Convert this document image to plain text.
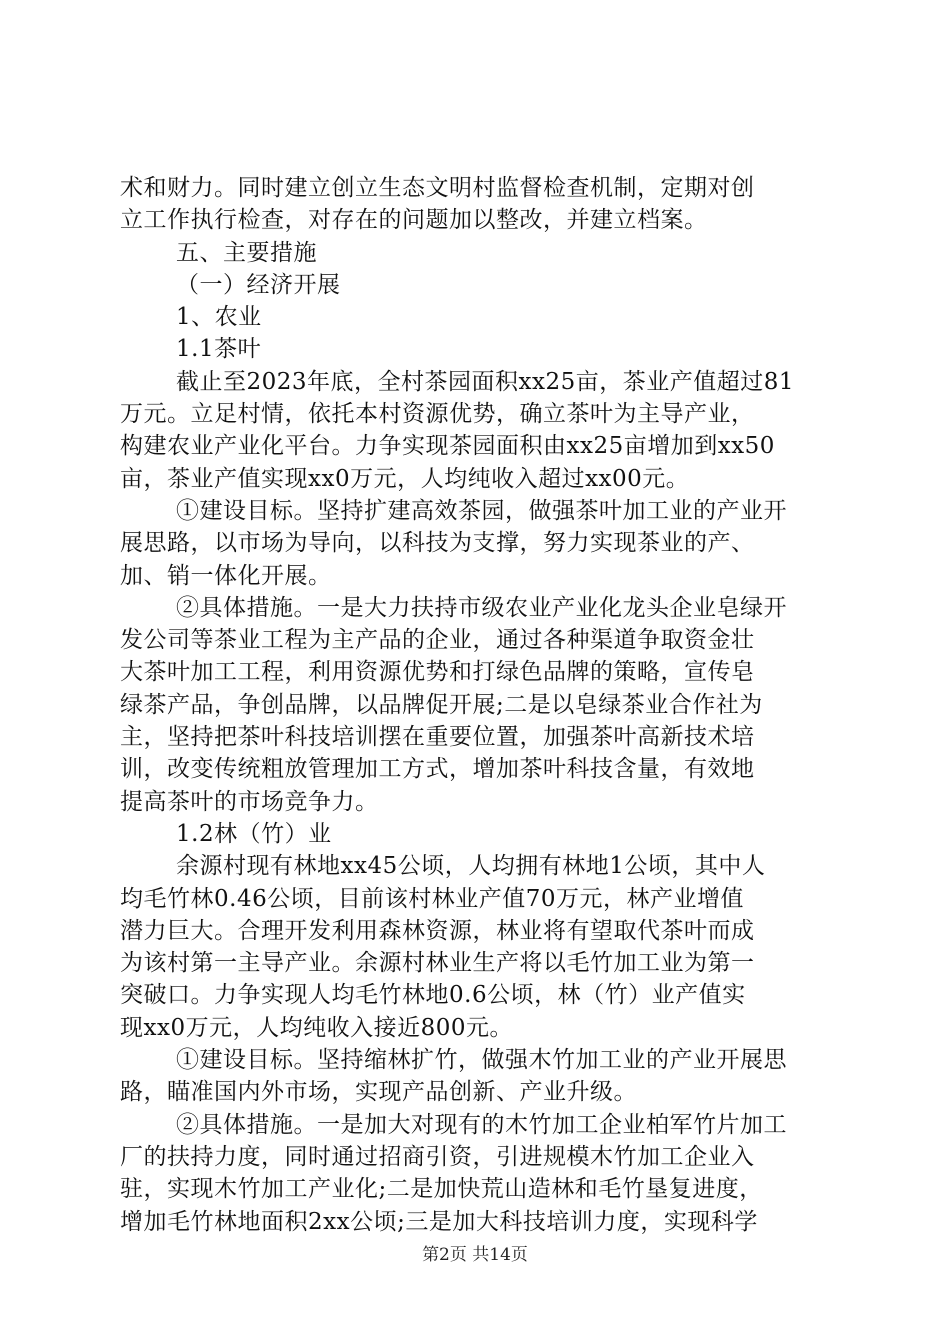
术和财力。同时建立创立生态文明村监督检查机制，定期对创
立工作执行检查，对存在的问题加以整改，并建立档案。
五、主要措施
（一）经济开展
1、农业
1.1茶叶
截止至2023年底，全村茶园面积xx25亩，茶业产值超过81
万元。立足村情，依托本村资源优势，确立茶叶为主导产业，
构建农业产业化平台。力争实现茶园面积由xx25亩增加到xx50
亩，茶业产值实现xx0万元，人均纯收入超过xx00元。
①建设目标。坚持扩建高效茶园，做强茶叶加工业的产业开
展思路，以市场为导向，以科技为支撑，努力实现茶业的产、
加、销一体化开展。
②具体措施。一是大力扶持市级农业产业化龙头企业皂绿开
发公司等茶业工程为主产品的企业，通过各种渠道争取资金壮
大茶叶加工工程，利用资源优势和打绿色品牌的策略，宣传皂
绿茶产品，争创品牌，以品牌促开展;二是以皂绿茶业合作社为
主，坚持把茶叶科技培训摆在重要位置，加强茶叶高新技术培
训，改变传统粗放管理加工方式，增加茶叶科技含量，有效地
提高茶叶的市场竞争力。
1.2林（竹）业
余源村现有林地xx45公顷，人均拥有林地1公顷，其中人
均毛竹林0.46公顷，目前该村林业产值70万元，林产业增值
潜力巨大。合理开发利用森林资源，林业将有望取代茶叶而成
为该村第一主导产业。余源村林业生产将以毛竹加工业为第一
突破口。力争实现人均毛竹林地0.6公顷，林（竹）业产值实
现xx0万元，人均纯收入接近800元。
①建设目标。坚持缩林扩竹，做强木竹加工业的产业开展思
路，瞄准国内外市场，实现产品创新、产业升级。
②具体措施。一是加大对现有的木竹加工企业柏军竹片加工
厂的扶持力度，同时通过招商引资，引进规模木竹加工企业入
驻，实现木竹加工产业化;二是加快荒山造林和毛竹垦复进度，
增加毛竹林地面积2xx公顷;三是加大科技培训力度，实现科学
第2页 共14页
